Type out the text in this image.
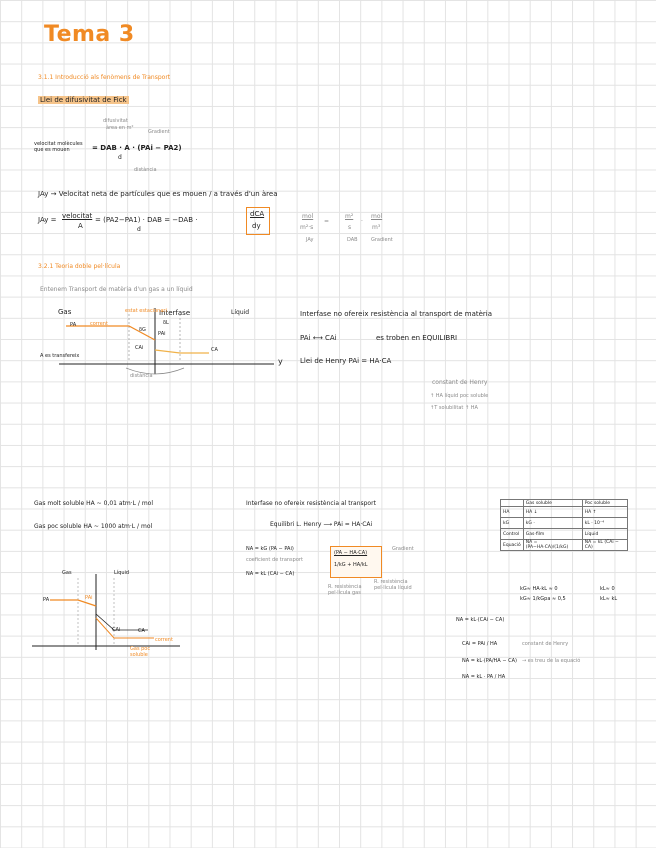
Tema 3
3.1.1 Introducció als fenòmens de Transport
Llei de difusivitat de Fick
difusivitat
àrea en m²
Gradient
velocitat molècules que es mouen	= DAB · A · (PAi − PA2)
d
distància
JAy → Velocitat neta de partícules que es mouen / a través d'un àrea
JAy = velocitat
A
= (PA2−PA1) · DAB = −DAB ·
d
dCA
dy
mol
m²·s
=
m²
s
·
mol
m³
JAy	DAB	Gradient
3.2.1 Teoria doble pel·lícula
Entenem Transport de matèria d'un gas a un líquid
Gas	Interfase	Líquid
estat estacionari
corrent
PA
PAi
CAi	CA
δG
δL
A es transfereix
y
distància
Interfase no ofereix resistència al transport de matèria
PAi ⟷ CAi	es troben en EQUILIBRI
Llei de Henry PAi = HA·CA
constant de Henry
↑ HA líquid poc soluble
↑T solubilitat ↑ HA
Gas molt soluble HA ~ 0,01 atm·L / mol
Gas poc soluble HA ~ 1000 atm·L / mol
Gas	Líquid
PA	PAi
CAi	CA
corrent
Gas poc soluble
Interfase no ofereix resistència al transport
Equilibri L. Henry ⟶ PAi = HA·CAi
NA = kG (PA − PAi)
coeficient de transport
NA = kL (CAi − CA)
(PA − HA·CA)
1/kG + HA/kL
Gradient
R. resistència pel·lícula gas
R. resistència pel·lícula líquid
	Gas soluble	Poc soluble
HA	HA ↓	HA ↑
kG	kG ·	kL · 10⁻⁴
Control	Gas·film	Líquid
Equació	NA = (PA−HA·CA)/(1/kG)	NA = kL (CAi − CA)
kG≈ HA·kL ≈ 0
kG≈ 1/kGpa ≈ 0,5
kL≈ 0
kL≈ kL
NA = kL·(CAi − CA)
CAi = PAi / HA	constant de Henry
NA = kL·(PA/HA − CA) → es treu de la equació
NA = kL · PA / HA
